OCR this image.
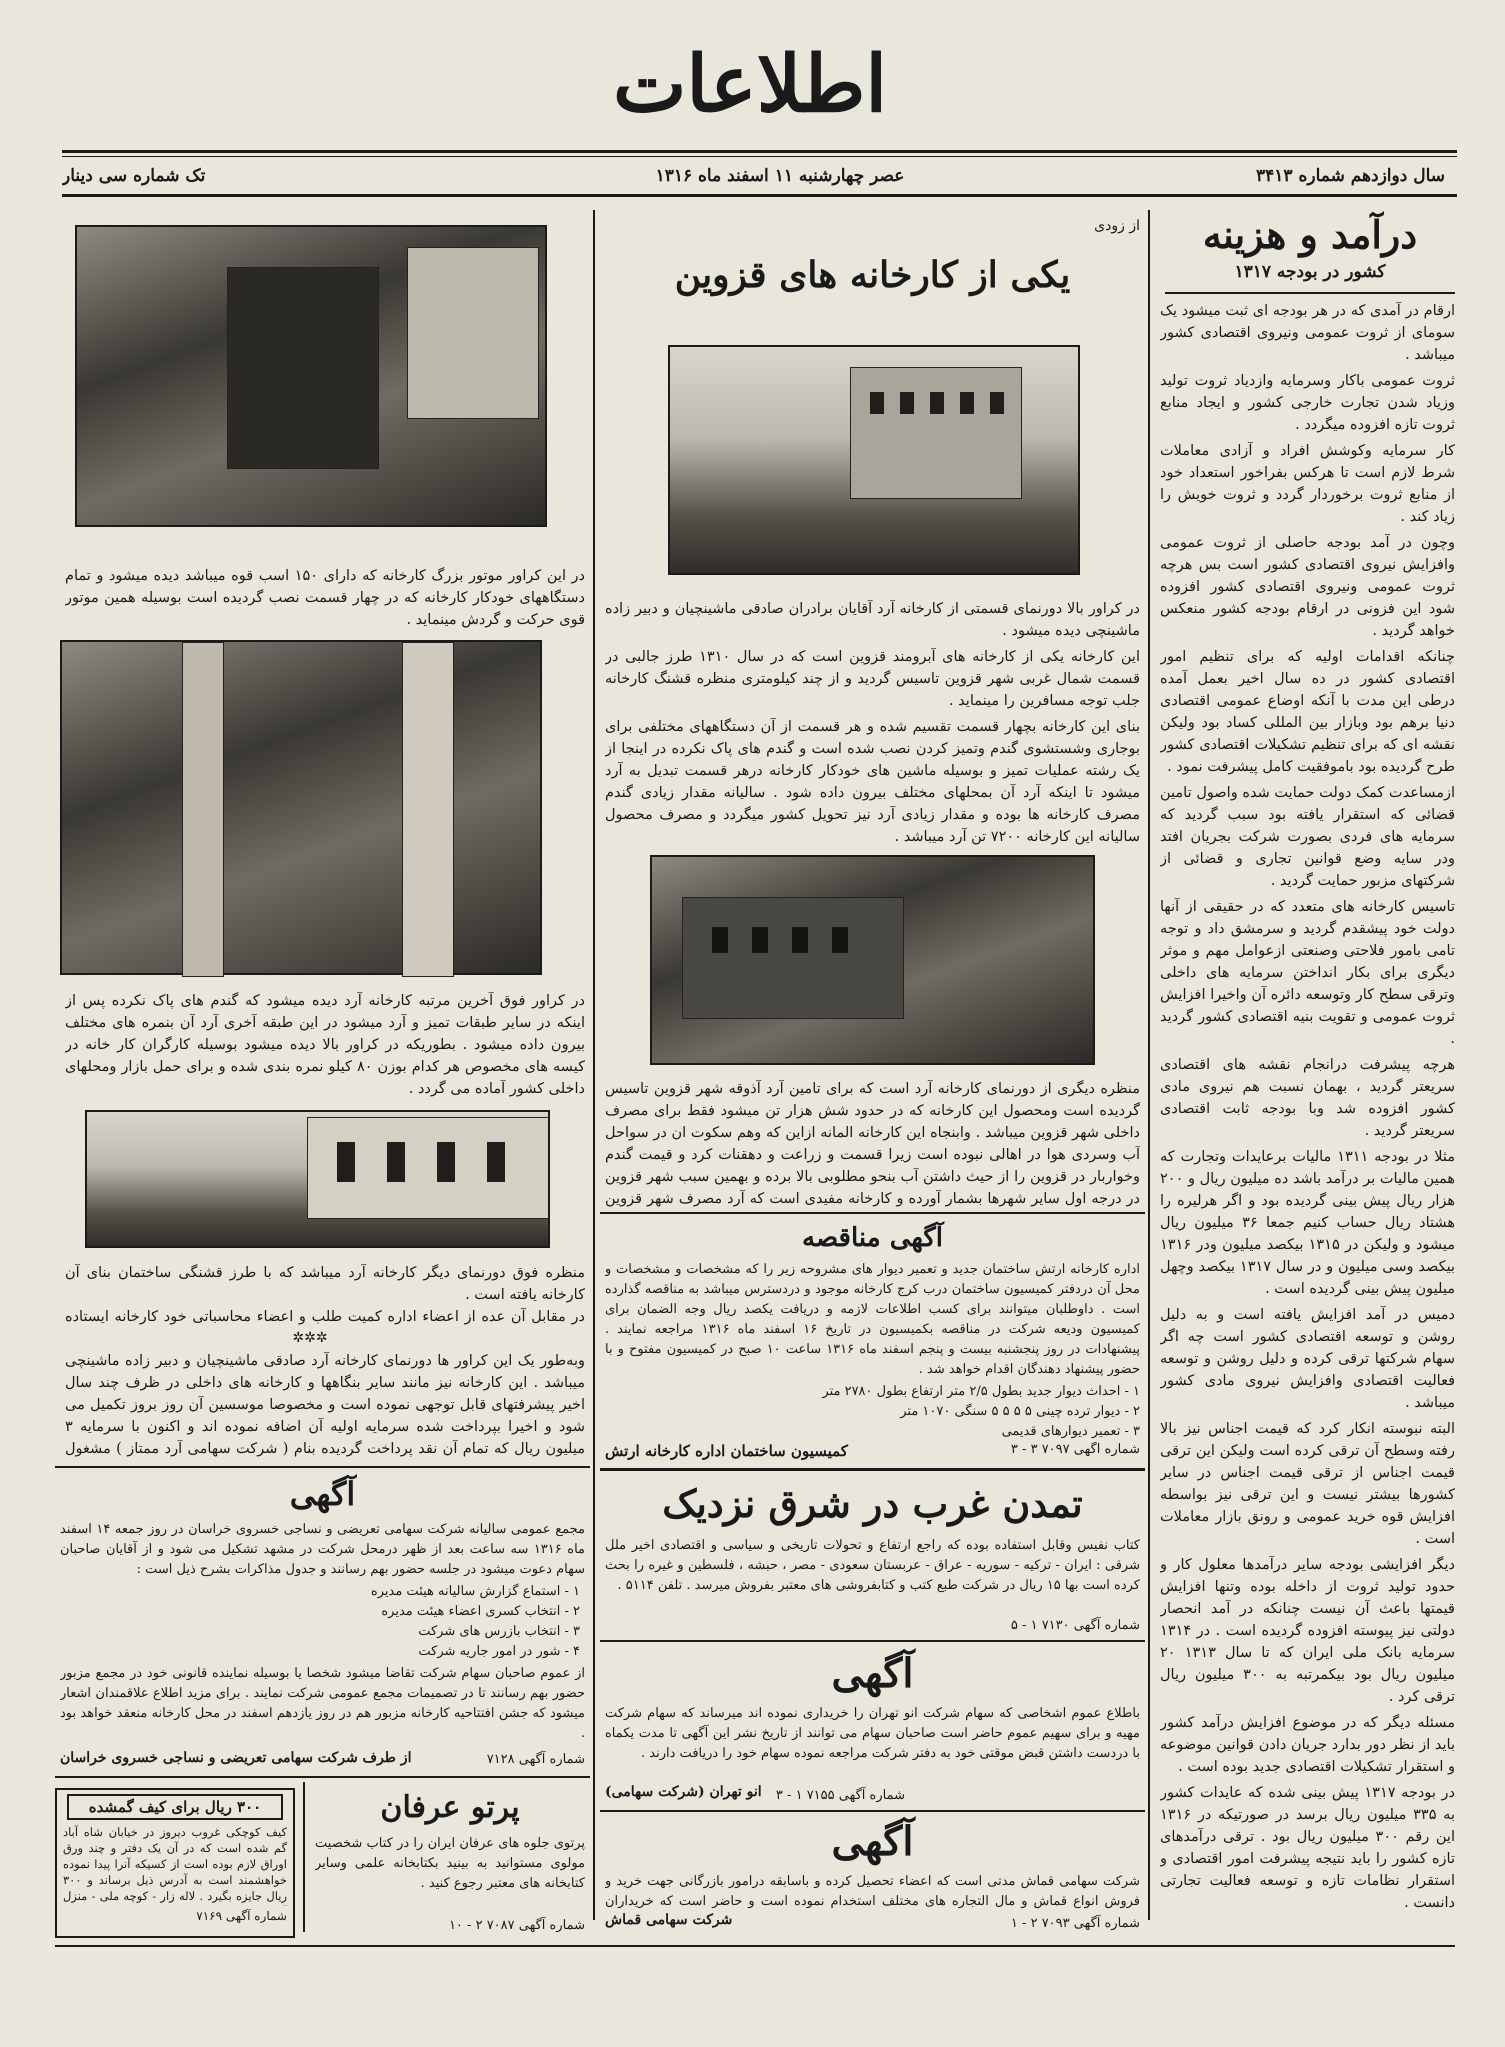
اطلاعات
سال دوازدهم شماره ۳۴۱۳
عصر چهارشنبه ۱۱ اسفند ماه ۱۳۱۶
تک شماره سی دینار
درآمد و هزینه
کشور در بودجه ۱۳۱۷

ارقام در آمدی که در هر بودجه ای ثبت میشود یک سومای از ثروت عمومی ونیروی اقتصادی کشور میباشد .

ثروت عمومی باکار وسرمایه وازدیاد ثروت تولید وزیاد شدن تجارت خارجی کشور و ایجاد منابع ثروت تازه افزوده میگردد .

کار سرمایه وکوشش افراد و آزادی معاملات شرط لازم است تا هرکس بفراخور استعداد خود از منابع ثروت برخوردار گردد و ثروت خویش را زیاد کند .

وچون در آمد بودجه حاصلی از ثروت عمومی وافزایش نیروی اقتصادی کشور است بس هرچه ثروت عمومی ونیروی اقتصادی کشور افزوده شود این فزونی در ارقام بودجه کشور منعکس خواهد گردید .

چنانکه اقدامات اولیه که برای تنظیم امور اقتصادی کشور در ده سال اخیر بعمل آمده درطی این مدت با آنکه اوضاع عمومی اقتصادی دنیا برهم بود وبازار بین المللی کساد بود ولیکن نقشه ای که برای تنظیم تشکیلات اقتصادی کشور طرح گردیده بود باموفقیت کامل پیشرفت نمود .

ازمساعدت کمک دولت حمایت شده واصول تامین قضائی که استقرار یافته بود سبب گردید که سرمایه های فردی بصورت شرکت بجریان افتد ودر سایه وضع قوانین تجاری و قضائی از شرکتهای مزبور حمایت گردید .

تاسیس کارخانه های متعدد که در حقیقی از آنها دولت خود پیشقدم گردید و سرمشق داد و توجه تامی بامور فلاحتی وصنعتی ازعوامل مهم و موثر دیگری برای بکار انداختن سرمایه های داخلی وترقی سطح کار وتوسعه دائره آن واخیرا افزایش ثروت عمومی و تقویت بنیه اقتصادی کشور گردید .

هرچه پیشرفت درانجام نقشه های اقتصادی سریعتر گردید ، بهمان نسبت هم نیروی مادی کشور افزوده شد وبا بودجه ثابت اقتصادی سریعتر گردید .

مثلا در بودجه ۱۳۱۱ مالیات برعایدات وتجارت که همین مالیات بر درآمد باشد ده میلیون ریال و ۲۰۰ هزار ریال پیش بینی گردیده بود و اگر هرلیره را هشتاد ریال حساب کنیم جمعا ۳۶ میلیون ریال میشود و ولیکن در ۱۳۱۵ بیکصد میلیون ودر ۱۳۱۶ بیکصد وسی میلیون و در سال ۱۳۱۷ بیکصد وچهل میلیون پیش بینی گردیده است .

دمیس در آمد افزایش یافته است و به دلیل روشن و توسعه اقتصادی کشور است چه اگر سهام شرکتها ترقی کرده و دلیل روشن و توسعه فعالیت اقتصادی وافزایش نیروی مادی کشور میباشد .

البته نبوسته انکار کرد که قیمت اجناس نیز بالا رفته وسطح آن ترقی کرده است ولیکن این ترقی قیمت اجناس از ترقی قیمت اجناس در سایر کشورها بیشتر نیست و این ترقی نیز بواسطه افزایش قوه خرید عمومی و رونق بازار معاملات است .

دیگر افزایشی بودجه سایر درآمدها معلول کار و حدود تولید ثروت از داخله بوده وتنها افزایش قیمتها باعث آن نیست چنانکه در آمد انحصار دولتی نیز پیوسته افزوده گردیده است . در ۱۳۱۴ سرمایه بانک ملی ایران که تا سال ۱۳۱۳ ۲۰ میلیون ریال بود بیکمرتبه به ۳۰۰ میلیون ریال ترقی کرد .

مسئله دیگر که در موضوع افزایش درآمد کشور باید از نظر دور بدارد جریان دادن قوانین موضوعه و استقرار تشکیلات اقتصادی جدید بوده است .

در بودجه ۱۳۱۷ پیش بینی شده که عایدات کشور به ۳۳۵ میلیون ریال برسد در صورتیکه در ۱۳۱۶ این رقم ۳۰۰ میلیون ریال بود . ترقی درآمدهای تازه کشور را باید نتیجه پیشرفت امور اقتصادی و استقرار نظامات تازه و توسعه فعالیت تجارتی دانست .

از زودی
یکی از کارخانه های قزوین

در کراور بالا دورنمای قسمتی از کارخانه آرد آقایان برادران صادقی ماشینچیان و دبیر زاده ماشینچی دیده میشود .

این کارخانه یکی از کارخانه های آبرومند قزوین است که در سال ۱۳۱۰ طرز جالبی در قسمت شمال غربی شهر قزوین تاسیس گردید و از چند کیلومتری منظره قشنگ کارخانه جلب توجه مسافرین را مینماید .

بنای این کارخانه بچهار قسمت تقسیم شده و هر قسمت از آن دستگاههای مختلفی برای بوجاری وشستشوی گندم وتمیز کردن نصب شده است و گندم های پاک نکرده در اینجا از یک رشته عملیات تمیز و بوسیله ماشین های خودکار کارخانه درهر قسمت تبدیل به آرد میشود تا اینکه آرد آن بمحلهای مختلف بیرون داده شود . سالیانه مقدار زیادی گندم مصرف کارخانه ها بوده و مقدار زیادی آرد نیز تحویل کشور میگردد و مصرف محصول سالیانه این کارخانه ۷۲۰۰ تن آرد میباشد .

منظره دیگری از دورنمای کارخانه آرد است که برای تامین آرد آذوقه شهر قزوین تاسیس گردیده است ومحصول این کارخانه که در حدود شش هزار تن میشود فقط برای مصرف داخلی شهر قزوین میباشد . وابنجاه این کارخانه المانه ازاین که وهم سکوت ان در سواحل آب وسردی هوا در اهالی نبوده است زیرا قسمت و زراعت و دهقنات کرد و قیمت گندم وخواربار در قزوین را از حیث داشتن آب بنحو مطلوبی بالا برده و بهمین سبب شهر قزوین در درجه اول سایر شهرها بشمار آورده و کارخانه مفیدی است که آرد مصرف شهر قزوین
آگهی مناقصه
اداره کارخانه ارتش ساختمان جدید و تعمیر دیوار های مشروحه زیر را که مشخصات و مشخصات و محل آن دردفتر کمیسیون ساختمان درب کرج کارخانه موجود و دردسترس میباشد به مناقصه گذارده است . داوطلبان میتوانند برای کسب اطلاعات لازمه و دریافت یکصد ریال وجه الضمان برای کمیسیون ودیعه شرکت در مناقصه بکمیسیون در تاریخ ۱۶ اسفند ماه ۱۳۱۶ مراجعه نمایند . پیشنهادات در روز پنجشنبه بیست و پنجم اسفند ماه ۱۳۱۶ ساعت ۱۰ صبح در کمیسیون مفتوح و با حضور پیشنهاد دهندگان اقدام خواهد شد .
۱ - احداث دیوار جدید بطول ۲/۵ متر ارتفاع بطول ۲۷۸۰ متر
۲ - دیوار ترده چینی ۵ ۵ ۵ ۵ سنگی ۱۰۷۰ متر
۳ - تعمیر دیوارهای قدیمی
کمیسیون ساختمان اداره کارخانه ارتش	شماره آگهی ۷۰۹۷ ۳ - ۳
تمدن غرب در شرق نزدیک
کتاب نفیس وقابل استفاده بوده که راجع ارتفاع و تحولات تاریخی و سیاسی و اقتصادی اخیر ملل شرقی : ایران - ترکیه - سوریه - عراق - عربستان سعودی - مصر ، حبشه ، فلسطین و غیره را بحث کرده است بها ۱۵ ریال در شرکت طبع کتب و کتابفروشی های معتبر بفروش میرسد . تلفن ۵۱۱۴ .
شماره آگهی ۷۱۳۰ ۱ - ۵
آگهی
باطلاع عموم اشخاصی که سهام شرکت انو تهران را خریداری نموده اند میرساند که سهام شرکت مهیه و برای سهیم عموم حاضر است صاحبان سهام می توانند از تاریخ نشر این آگهی تا مدت یکماه با دردست داشتن قبض موقتی خود به دفتر شرکت مراجعه نموده سهام خود را دریافت دارند .
شماره آگهی ۷۱۵۵ ۱ - ۳
انو تهران (شرکت سهامی)
آگهی
شرکت سهامی قماش مدتی است که اعضاء تحصیل کرده و باسابقه درامور بازرگانی جهت خرید و فروش انواع قماش و مال التجاره های مختلف استخدام نموده است و حاضر است که خریداران
شماره آگهی ۷۰۹۳ ۲ - ۱
شرکت سهامی قماش
در این کراور موتور بزرگ کارخانه که دارای ۱۵۰ اسب قوه میباشد دیده میشود و تمام دستگاههای خودکار کارخانه که در چهار قسمت نصب گردیده است بوسیله همین موتور قوی حرکت و گردش مینماید .
در کراور فوق آخرین مرتبه کارخانه آرد دیده میشود که گندم های پاک نکرده پس از اینکه در سایر طبقات تمیز و آرد میشود در این طبقه آخری آرد آن بنمره های مختلف بیرون داده میشود . بطوریکه در کراور بالا دیده میشود بوسیله کارگران کار خانه در کیسه های مخصوص هر کدام بوزن ۸۰ کیلو نمره بندی شده و برای حمل بازار ومحلهای داخلی کشور آماده می گردد .
منظره فوق دورنمای دیگر کارخانه آرد میباشد که با طرز قشنگی ساختمان بنای آن کارخانه یافته است .
در مقابل آن عده از اعضاء اداره کمیت طلب و اعضاء محاسباتی خود کارخانه ایستاده
✲✲✲
وبه‌طور یک این کراور ها دورنمای کارخانه آرد صادقی ماشینچیان و دبیر زاده ماشینچی میباشد . این کارخانه نیز مانند سایر بنگاهها و کارخانه های داخلی در ظرف چند سال اخیر پیشرفتهای قابل توجهی نموده است و مخصوصا موسسین آن روز بروز تکمیل می شود و اخیرا بپرداخت شده سرمایه اولیه آن اضافه نموده اند و اکنون با سرمایه ۳ میلیون ریال که تمام آن نقد پرداخت گردیده بنام ( شرکت سهامی آرد ممتاز ) مشغول
آگهی
مجمع عمومی سالیانه شرکت سهامی تعریضی و نساجی خسروی خراسان در روز جمعه ۱۴ اسفند ماه ۱۳۱۶ سه ساعت بعد از ظهر درمحل شرکت در مشهد تشکیل می شود و از آقایان صاحبان سهام دعوت میشود در جلسه حضور بهم رسانند و جدول مذاکرات بشرح ذیل است :
۱ - استماع گزارش سالیانه هیئت مدیره
۲ - انتخاب کسری اعضاء هیئت مدیره
۳ - انتخاب بازرس های شرکت
۴ - شور در امور جاریه شرکت
از عموم صاحبان سهام شرکت تقاضا میشود شخصا یا بوسیله نماینده قانونی خود در مجمع مزبور حضور بهم رسانند تا در تصمیمات مجمع عمومی شرکت نمایند . برای مزید اطلاع علاقمندان اشعار میشود که جشن افتتاحیه کارخانه مزبور هم در روز یازدهم اسفند در محل کارخانه منعقد خواهد بود .
شماره آگهی ۷۱۲۸
از طرف شرکت سهامی تعریضی و نساجی خسروی خراسان
پرتو عرفان
پرتوی جلوه های عرفان ایران را در کتاب شخصیت مولوی مستوانید به بینید بکتابخانه علمی وسایر کتابخانه های معتبر رجوع کنید .
شماره آگهی ۷۰۸۷ ۲ - ۱۰
۳۰۰ ریال برای کیف گمشده
کیف کوچکی غروب دیروز در خیابان شاه آباد گم شده است که در آن یک دفتر و چند ورق اوراق لازم بوده است از کسیکه آنرا پیدا نموده خواهشمند است به آدرس ذیل برساند و ۳۰۰ ریال جایزه بگیرد . لاله زار - کوچه ملی - منزل
شماره آگهی ۷۱۶۹
